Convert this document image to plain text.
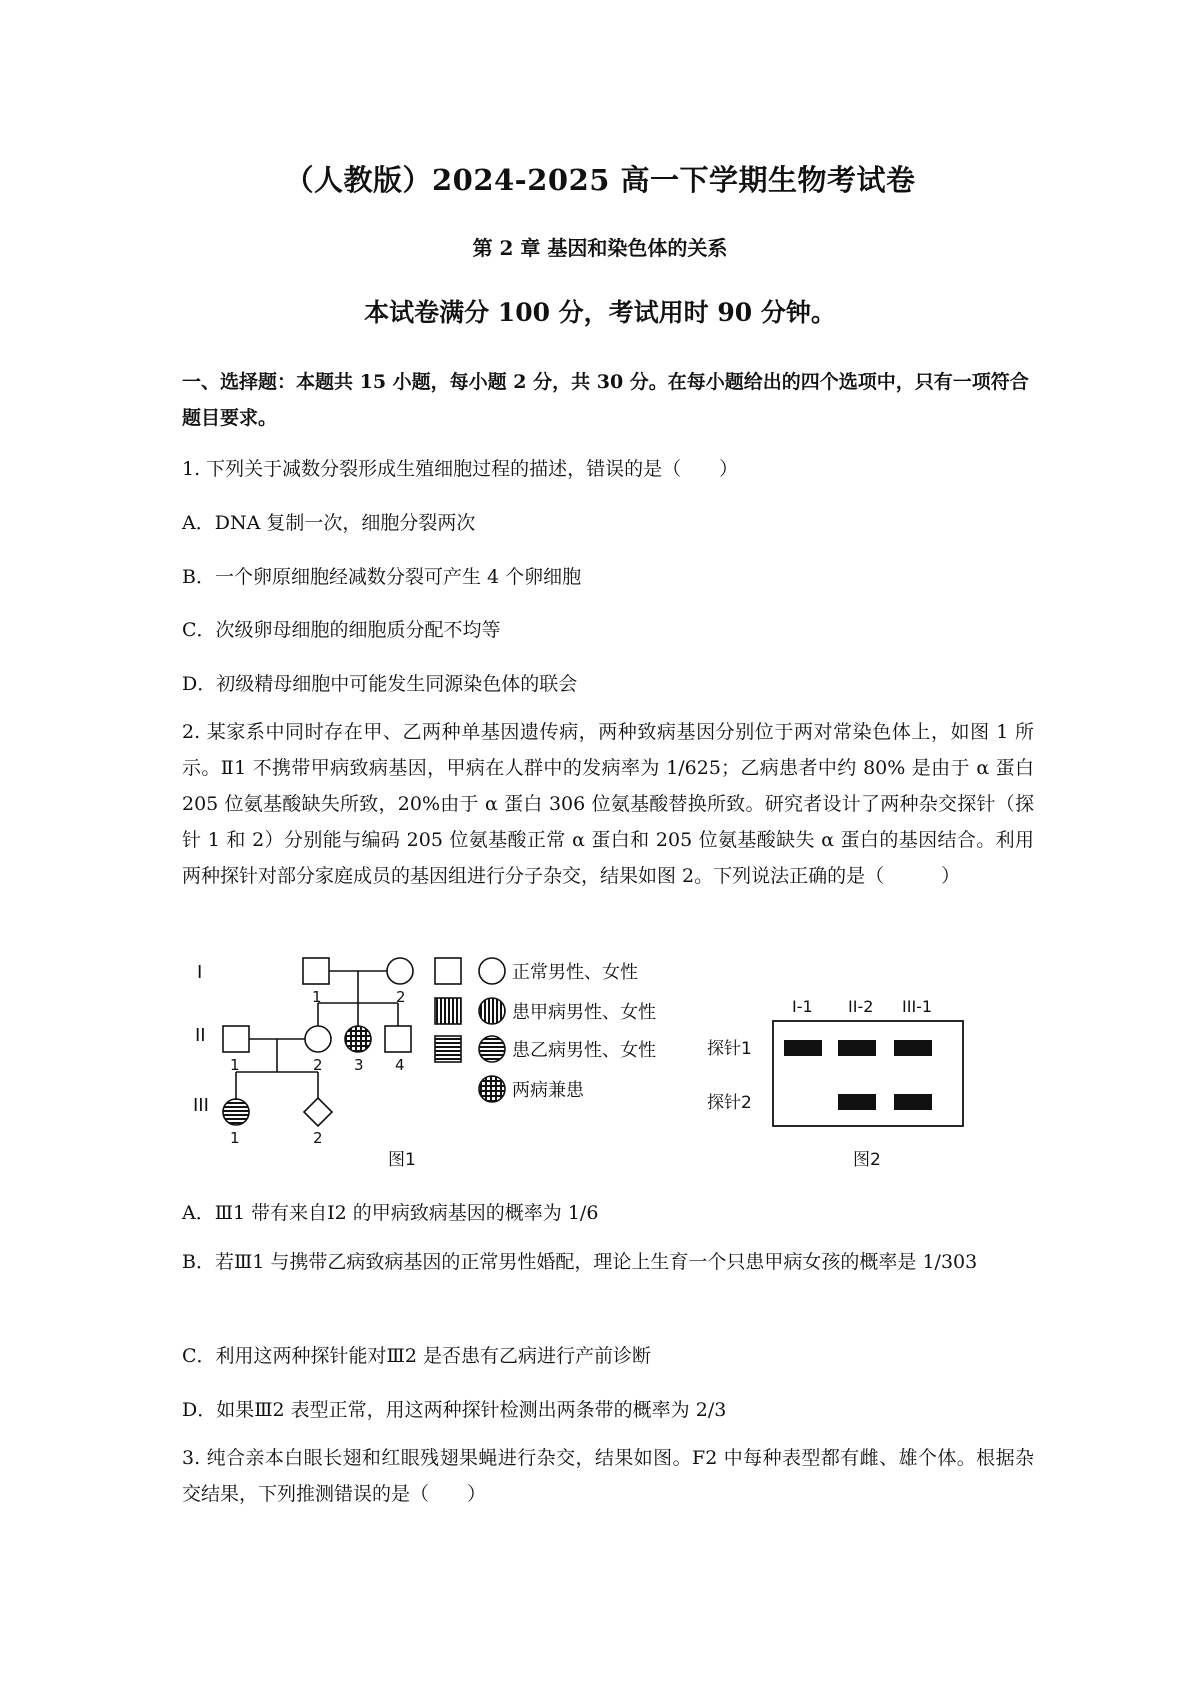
（人教版）2024-2025 高一下学期生物考试卷
第 2 章 基因和染色体的关系
本试卷满分 100 分，考试用时 90 分钟。
一、选择题：本题共 15 小题，每小题 2 分，共 30 分。在每小题给出的四个选项中，只有一项符合题目要求。
1. 下列关于减数分裂形成生殖细胞过程的描述，错误的是（　　）
A．DNA 复制一次，细胞分裂两次
B．一个卵原细胞经减数分裂可产生 4 个卵细胞
C．次级卵母细胞的细胞质分配不均等
D．初级精母细胞中可能发生同源染色体的联会
2. 某家系中同时存在甲、乙两种单基因遗传病，两种致病基因分别位于两对常染色体上，如图 1 所示。Ⅱ1 不携带甲病致病基因，甲病在人群中的发病率为 1/625；乙病患者中约 80% 是由于 α 蛋白 205 位氨基酸缺失所致，20%由于 α 蛋白 306 位氨基酸替换所致。研究者设计了两种杂交探针（探针 1 和 2）分别能与编码 205 位氨基酸正常 α 蛋白和 205 位氨基酸缺失 α 蛋白的基因结合。利用两种探针对部分家庭成员的基因组进行分子杂交，结果如图 2。下列说法正确的是（　　　）
I
II
III
1	2
1	2 3 4
1	2
图1
正常男性、女性
患甲病男性、女性
患乙病男性、女性
两病兼患
I-1 II-2 III-1
探针1
探针2
图2
A．Ⅲ1 带有来自Ⅰ2 的甲病致病基因的概率为 1/6
B．若Ⅲ1 与携带乙病致病基因的正常男性婚配，理论上生育一个只患甲病女孩的概率是 1/303
C．利用这两种探针能对Ⅲ2 是否患有乙病进行产前诊断
D．如果Ⅲ2 表型正常，用这两种探针检测出两条带的概率为 2/3
3. 纯合亲本白眼长翅和红眼残翅果蝇进行杂交，结果如图。F2 中每种表型都有雌、雄个体。根据杂交结果，下列推测错误的是（　　）
